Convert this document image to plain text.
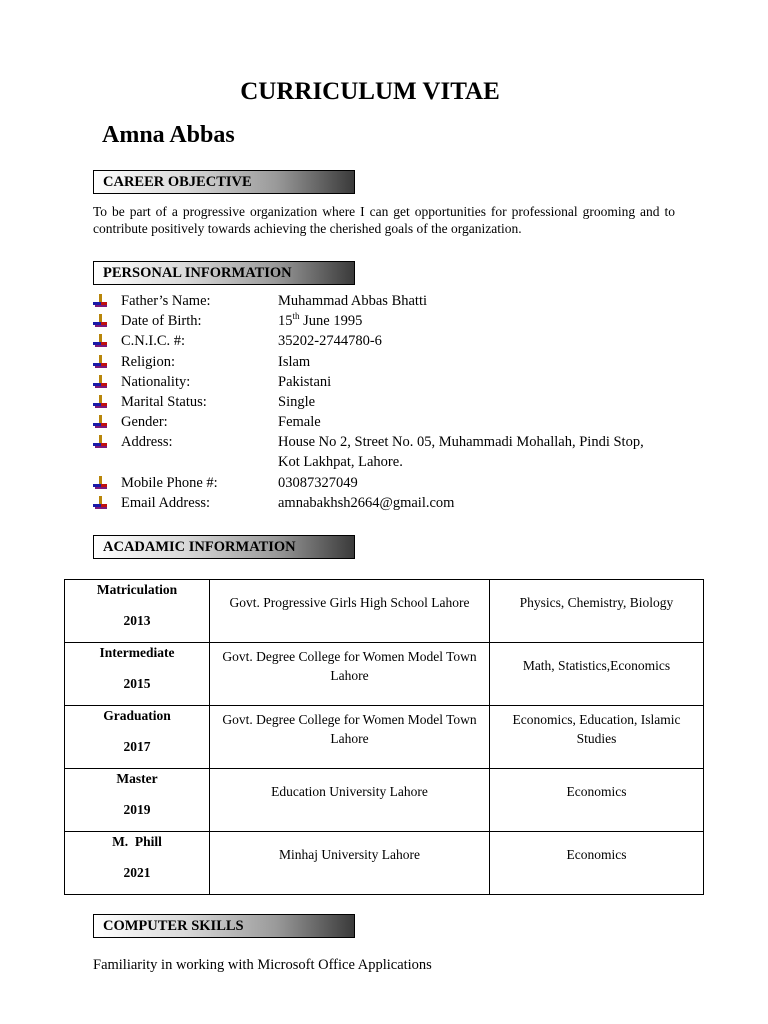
CURRICULUM VITAE
Amna Abbas
CAREER OBJECTIVE
To be part of a progressive organization where I can get opportunities for professional grooming and to contribute positively towards achieving the cherished goals of the organization.
PERSONAL INFORMATION
Father’s Name:	Muhammad Abbas Bhatti
Date of Birth:	15th June 1995
C.N.I.C. #:	35202-2744780-6
Religion:	Islam
Nationality:	Pakistani
Marital Status:	Single
Gender:	Female
Address:	House No 2, Street No. 05, Muhammadi Mohallah, Pindi Stop,
Kot Lakhpat, Lahore.
Mobile Phone #:	03087327049
Email Address:	amnabakhsh2664@gmail.com
ACADAMIC INFORMATION
Matriculation
2013	Govt. Progressive Girls High School Lahore	Physics, Chemistry, Biology

Intermediate
2015	Govt. Degree College for Women Model Town Lahore	Math, Statistics,Economics

Graduation
2017	Govt. Degree College for Women Model Town Lahore	Economics, Education, Islamic Studies

Master
2019	Education University Lahore	Economics

M.  Phill
2021	Minhaj University Lahore	Economics
COMPUTER SKILLS
Familiarity in working with Microsoft Office Applications
